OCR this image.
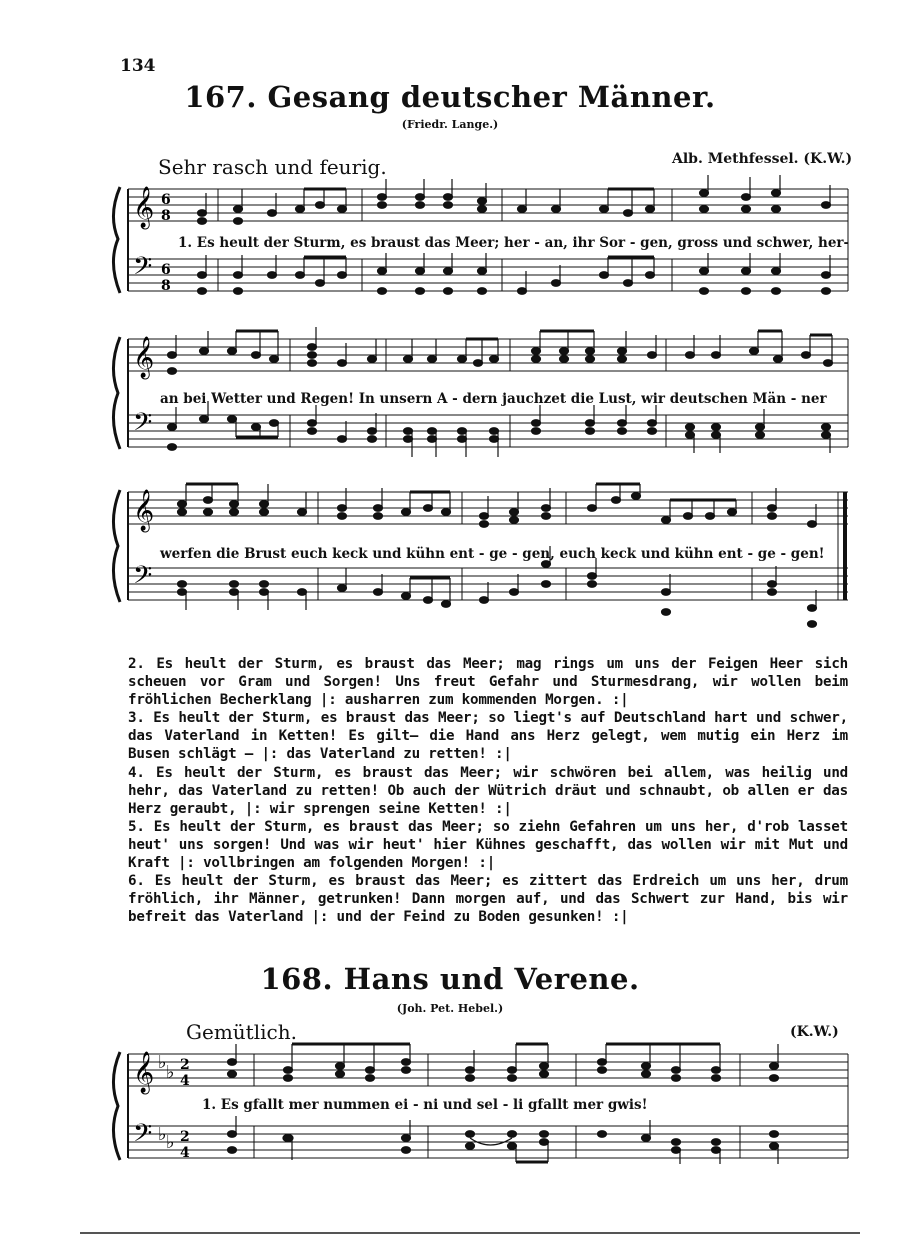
134
167. Gesang deutscher Männer.
(Friedr. Lange.)
Sehr rasch und feurig.	Alb. Methfessel. (K.W.)
𝄞
𝄢
6
8
6
8
1. Es heult der Sturm, es braust das Meer; her - an, ihr Sor - gen, gross und schwer, her-
𝄞
𝄢
an bei Wetter und Regen! In unsern A - dern jauchzet die Lust, wir deutschen Män - ner
𝄞
𝄢
werfen die Brust euch keck und kühn ent - ge - gen, euch keck und kühn ent - ge - gen!

2. Es heult der Sturm, es braust das Meer; mag rings um uns der Feigen Heer sich scheuen vor Gram und Sorgen! Uns freut Gefahr und Sturmesdrang, wir wollen beim fröhlichen Becherklang |: ausharren zum kommenden Morgen. :|

3. Es heult der Sturm, es braust das Meer; so liegt's auf Deutschland hart und schwer, das Vaterland in Ketten! Es gilt— die Hand ans Herz gelegt, wem mutig ein Herz im Busen schlägt — |: das Vaterland zu retten! :|

4. Es heult der Sturm, es braust das Meer; wir schwören bei allem, was heilig und hehr, das Vaterland zu retten! Ob auch der Wütrich dräut und schnaubt, ob allen er das Herz geraubt, |: wir sprengen seine Ketten! :|

5. Es heult der Sturm, es braust das Meer; so ziehn Gefahren um uns her, d'rob lasset heut' uns sorgen! Und was wir heut' hier Kühnes geschafft, das wollen wir mit Mut und Kraft |: vollbringen am folgenden Morgen! :|

6. Es heult der Sturm, es braust das Meer; es zittert das Erdreich um uns her, drum fröhlich, ihr Männer, getrunken! Dann morgen auf, und das Schwert zur Hand, bis wir befreit das Vaterland |: und der Feind zu Boden gesunken! :|

168. Hans und Verene.
(Joh. Pet. Hebel.)
Gemütlich.	(K.W.)
𝄞
𝄢
♭ ♭
♭ ♭
2
4
2
4
1. Es gfallt mer nummen ei - ni und sel - li gfallt mer gwis!
